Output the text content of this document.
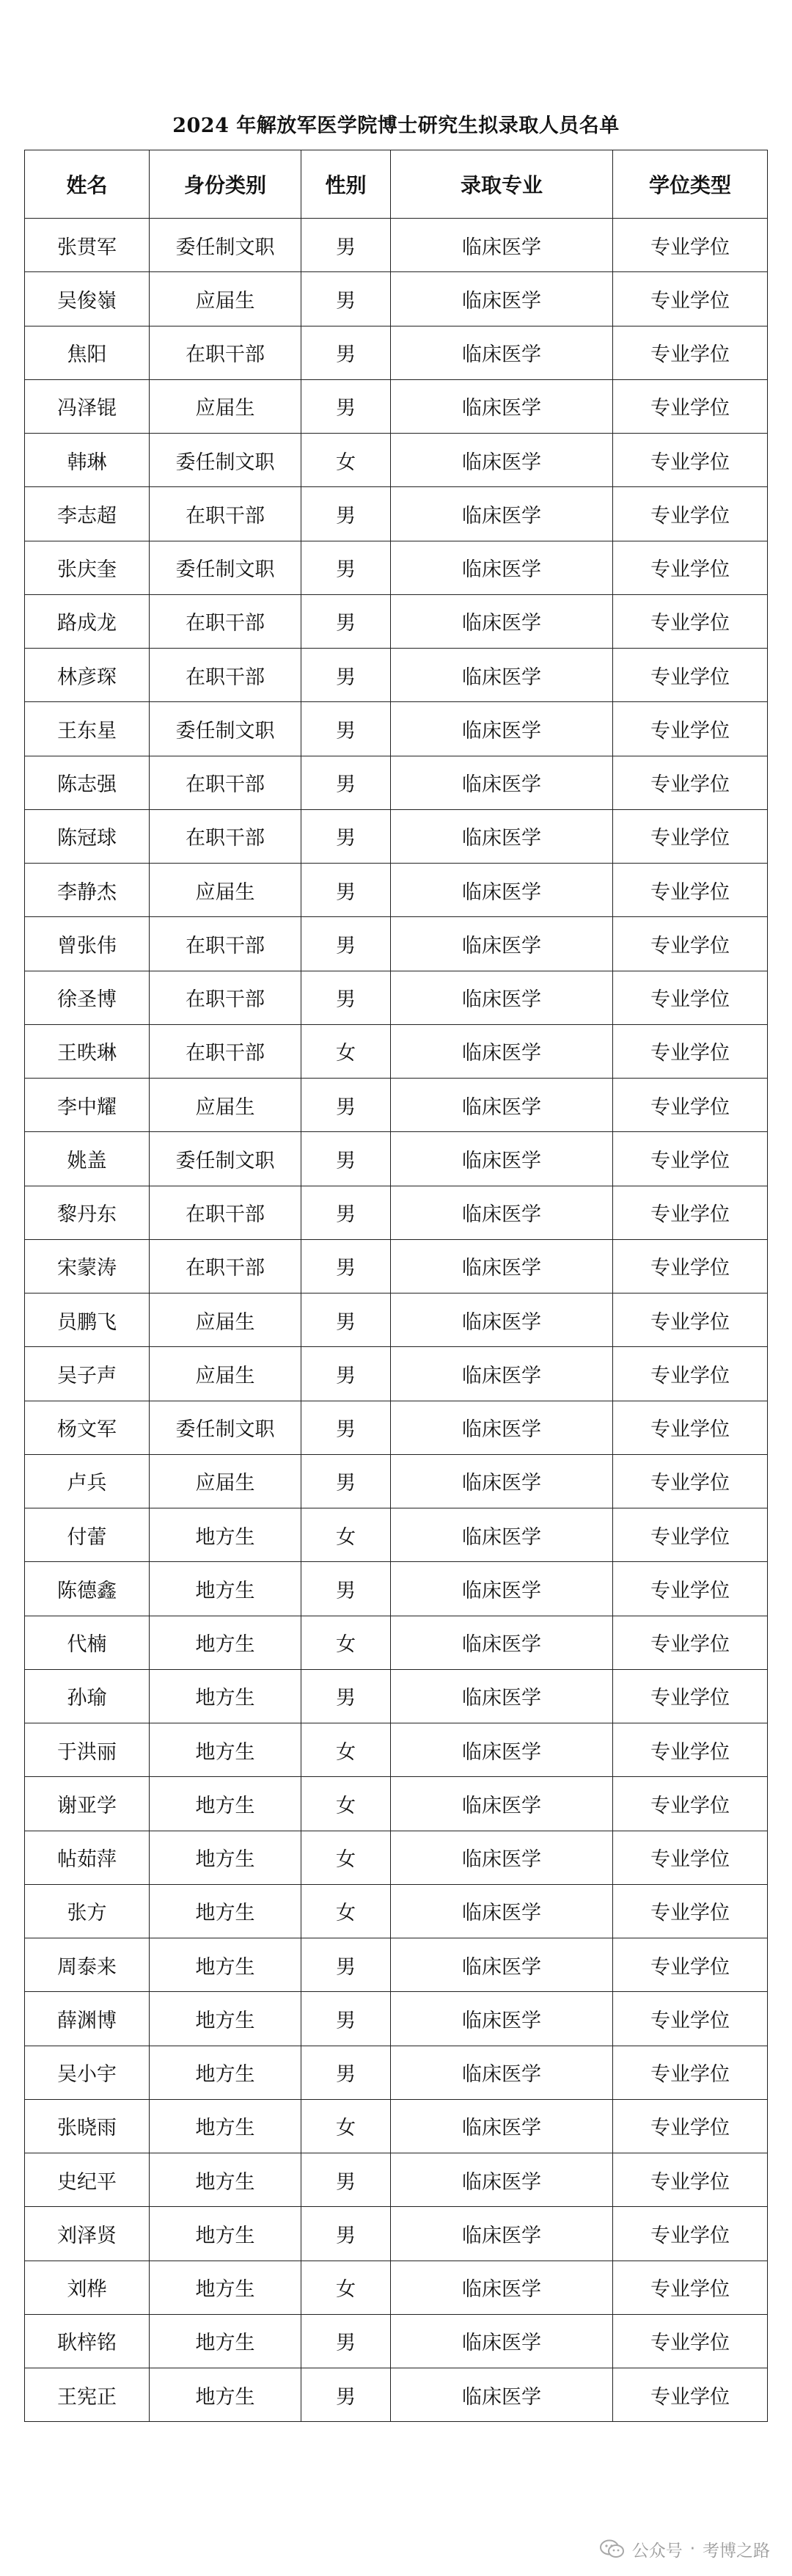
2024 年解放军医学院博士研究生拟录取人员名单
姓名	身份类别	性别	录取专业	学位类型
张贯军	委任制文职	男	临床医学	专业学位
吴俊嶺	应届生	男	临床医学	专业学位
焦阳	在职干部	男	临床医学	专业学位
冯泽锟	应届生	男	临床医学	专业学位
韩琳	委任制文职	女	临床医学	专业学位
李志超	在职干部	男	临床医学	专业学位
张庆奎	委任制文职	男	临床医学	专业学位
路成龙	在职干部	男	临床医学	专业学位
林彦琛	在职干部	男	临床医学	专业学位
王东星	委任制文职	男	临床医学	专业学位
陈志强	在职干部	男	临床医学	专业学位
陈冠球	在职干部	男	临床医学	专业学位
李静杰	应届生	男	临床医学	专业学位
曾张伟	在职干部	男	临床医学	专业学位
徐圣博	在职干部	男	临床医学	专业学位
王昳琳	在职干部	女	临床医学	专业学位
李中耀	应届生	男	临床医学	专业学位
姚盖	委任制文职	男	临床医学	专业学位
黎丹东	在职干部	男	临床医学	专业学位
宋蒙涛	在职干部	男	临床医学	专业学位
员鹏飞	应届生	男	临床医学	专业学位
吴子声	应届生	男	临床医学	专业学位
杨文军	委任制文职	男	临床医学	专业学位
卢兵	应届生	男	临床医学	专业学位
付蕾	地方生	女	临床医学	专业学位
陈德鑫	地方生	男	临床医学	专业学位
代楠	地方生	女	临床医学	专业学位
孙瑜	地方生	男	临床医学	专业学位
于洪丽	地方生	女	临床医学	专业学位
谢亚学	地方生	女	临床医学	专业学位
帖茹萍	地方生	女	临床医学	专业学位
张方	地方生	女	临床医学	专业学位
周泰来	地方生	男	临床医学	专业学位
薛渊博	地方生	男	临床医学	专业学位
吴小宇	地方生	男	临床医学	专业学位
张晓雨	地方生	女	临床医学	专业学位
史纪平	地方生	男	临床医学	专业学位
刘泽贤	地方生	男	临床医学	专业学位
刘桦	地方生	女	临床医学	专业学位
耿梓铭	地方生	男	临床医学	专业学位
王宪正	地方生	男	临床医学	专业学位
公众号 · 考博之路
